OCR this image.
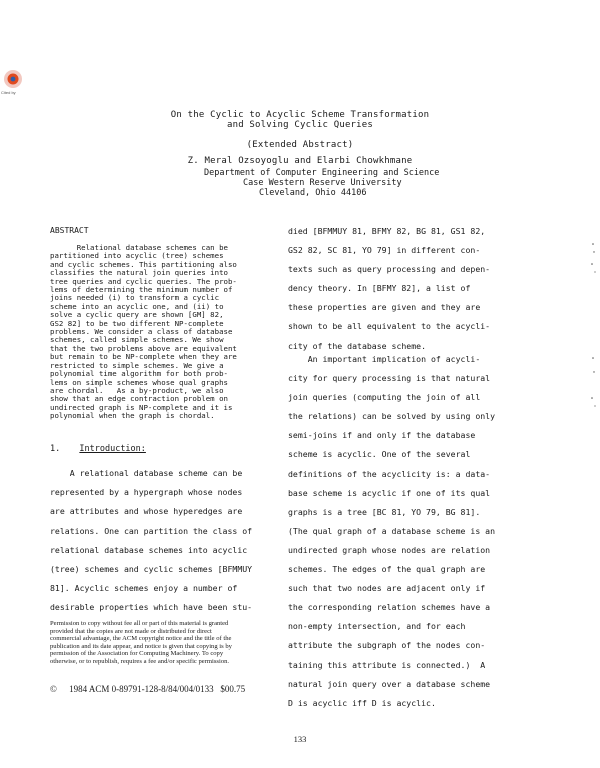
Cited by
On the Cyclic to Acyclic Scheme Transformation
and Solving Cyclic Queries
(Extended Abstract)
Z. Meral Ozsoyoglu and Elarbi Chowkhmane
Department of Computer Engineering and Science
Case Western Reserve University
Cleveland, Ohio 44106
ABSTRACT
Relational database schemes can be
partitioned into acyclic (tree) schemes
and cyclic schemes. This partitioning also
classifies the natural join queries into
tree queries and cyclic queries. The prob-
lems of determining the minimum number of
joins needed (i) to transform a cyclic
scheme into an acyclic one, and (ii) to
solve a cyclic query are shown [GM] 82,
GS2 82] to be two different NP-complete
problems. We consider a class of database
schemes, called simple schemes. We show
that the two problems above are equivalent
but remain to be NP-complete when they are
restricted to simple schemes. We give a
polynomial time algorithm for both prob-
lems on simple schemes whose qual graphs
are chordal.   As a by-product, we also
show that an edge contraction problem on
undirected graph is NP-complete and it is
polynomial when the graph is chordal.
1. Introduction:
A relational database scheme can be
represented by a hypergraph whose nodes
are attributes and whose hyperedges are
relations. One can partition the class of
relational database schemes into acyclic
(tree) schemes and cyclic schemes [BFMMUY
81]. Acyclic schemes enjoy a number of
desirable properties which have been stu-
died [BFMMUY 81, BFMY 82, BG 81, GS1 82,
GS2 82, SC 81, YO 79] in different con-
texts such as query processing and depen-
dency theory. In [BFMY 82], a list of
these properties are given and they are
shown to be all equivalent to the acycli-
city of the database scheme.
An important implication of acycli-
city for query processing is that natural
join queries (computing the join of all
the relations) can be solved by using only
semi-joins if and only if the database
scheme is acyclic. One of the several
definitions of the acyclicity is: a data-
base scheme is acyclic if one of its qual
graphs is a tree [BC 81, YO 79, BG 81].
(The qual graph of a database scheme is an
undirected graph whose nodes are relation
schemes. The edges of the qual graph are
such that two nodes are adjacent only if
the corresponding relation schemes have a
non-empty intersection, and for each
attribute the subgraph of the nodes con-
taining this attribute is connected.)  A
natural join query over a database scheme
D is acyclic iff D is acyclic.
Permission to copy without fee all or part of this material is granted
provided that the copies are not made or distributed for direct
commercial advantage, the ACM copyright notice and the title of the
publication and its date appear, and notice is given that copying is by
permission of the Association for Computing Machinery. To copy
otherwise, or to republish, requires a fee and/or specific permission.
© 1984 ACM 0-89791-128-8/84/004/0133   $00.75
133
